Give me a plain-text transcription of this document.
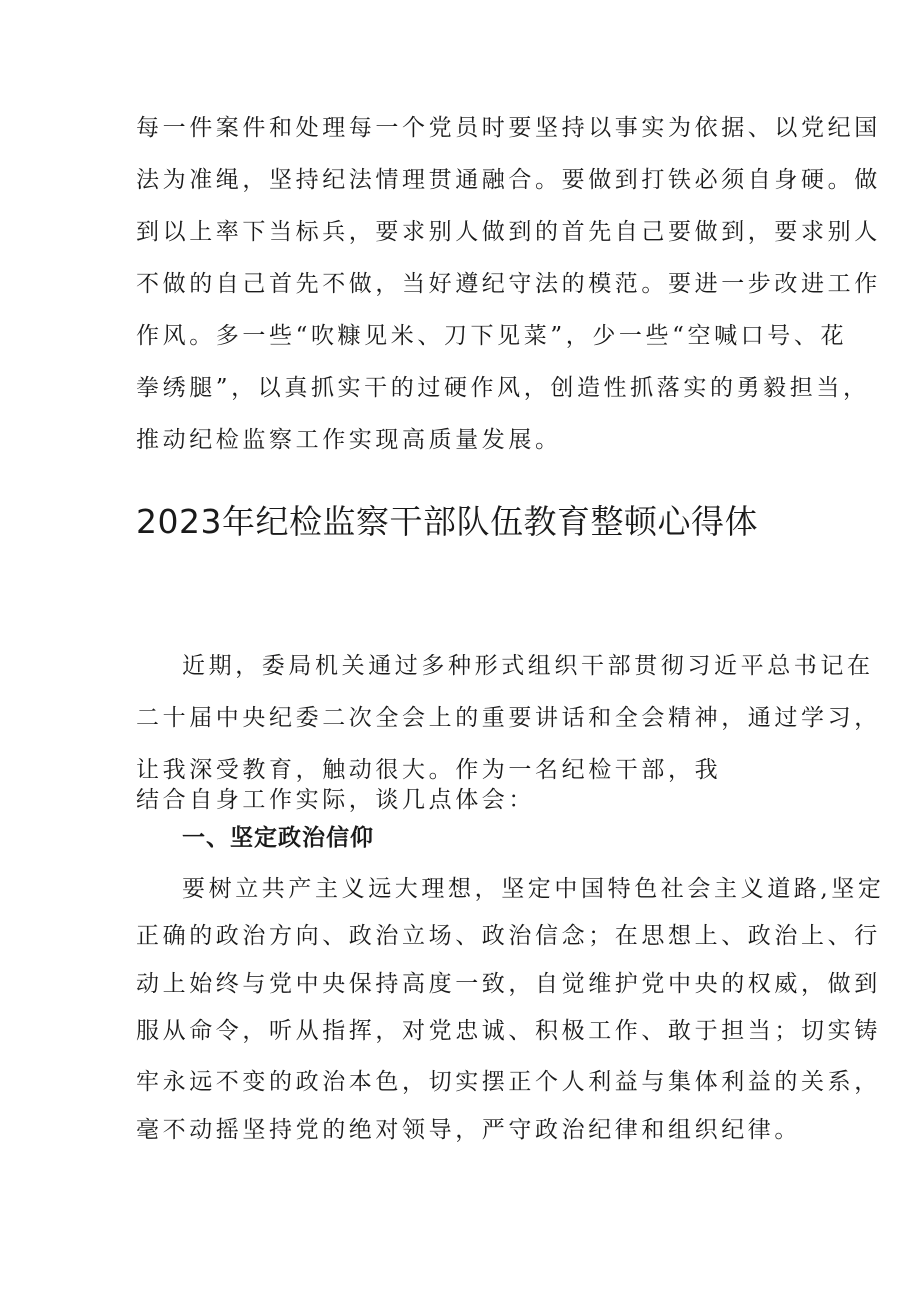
每一件案件和处理每一个党员时要坚持以事实为依据、以党纪国

法为准绳，坚持纪法情理贯通融合。要做到打铁必须自身硬。做

到以上率下当标兵，要求别人做到的首先自己要做到，要求别人

不做的自己首先不做，当好遵纪守法的模范。要进一步改进工作

作风。多一些“吹糠见米、刀下见菜”，少一些“空喊口号、花

拳绣腿”，以真抓实干的过硬作风，创造性抓落实的勇毅担当，

推动纪检监察工作实现高质量发展。

2023年纪检监察干部队伍教育整顿心得体

近期，委局机关通过多种形式组织干部贯彻习近平总书记在

二十届中央纪委二次全会上的重要讲话和全会精神，通过学习，

让我深受教育，触动很大。作为一名纪检干部，我

结合自身工作实际，谈几点体会：

一、坚定政治信仰

要树立共产主义远大理想，坚定中国特色社会主义道路,坚定

正确的政治方向、政治立场、政治信念；在思想上、政治上、行

动上始终与党中央保持高度一致，自觉维护党中央的权威，做到

服从命令，听从指挥，对党忠诚、积极工作、敢于担当；切实铸

牢永远不变的政治本色，切实摆正个人利益与集体利益的关系，

毫不动摇坚持党的绝对领导，严守政治纪律和组织纪律。
